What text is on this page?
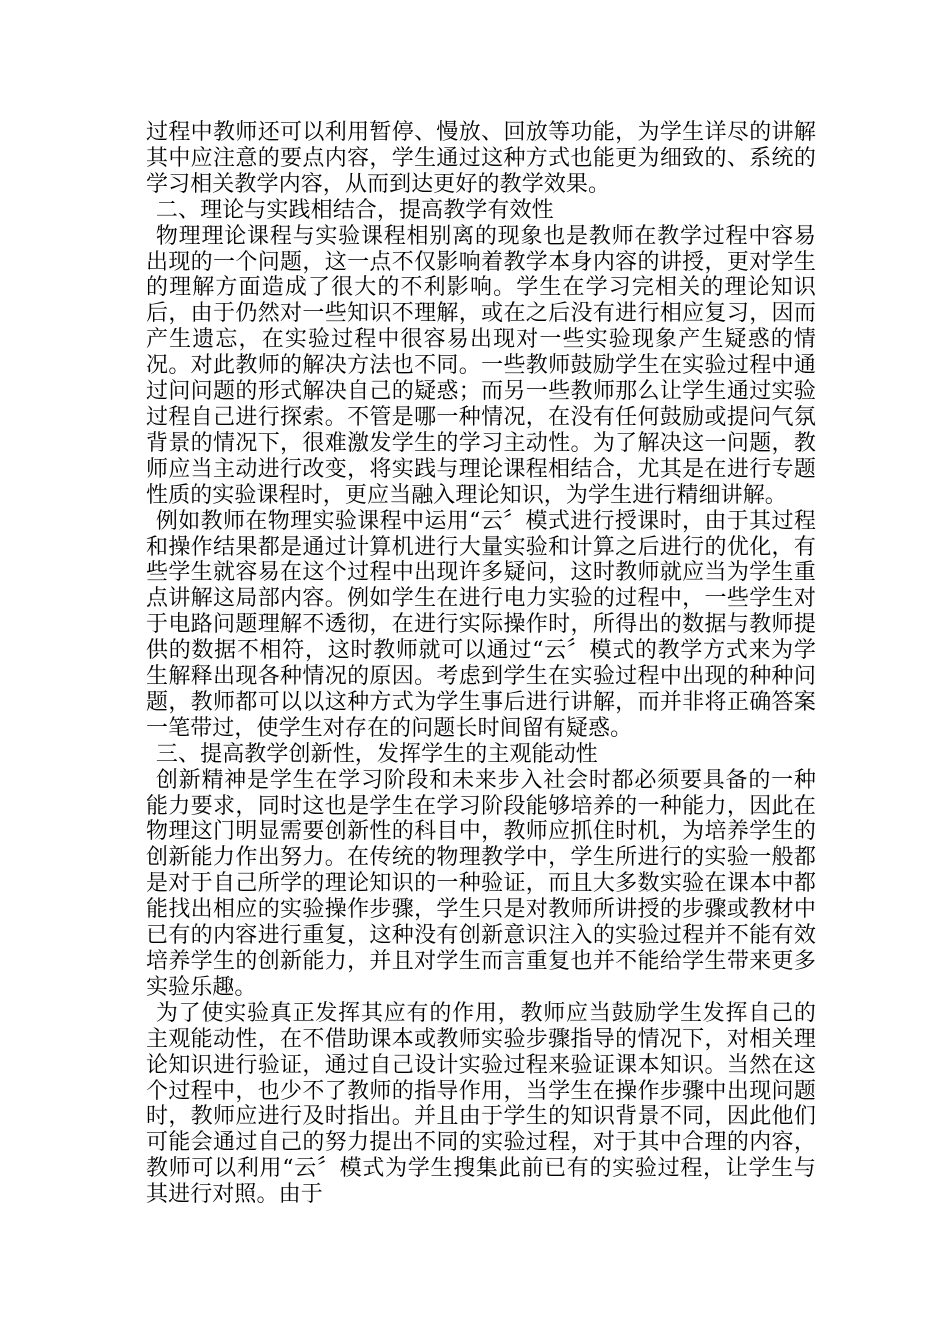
过程中教师还可以利用暂停、慢放、回放等功能，为学生详尽的讲解其中应注意的要点内容，学生通过这种方式也能更为细致的、系统的学习相关教学内容，从而到达更好的教学效果。

二、理论与实践相结合，提高教学有效性

物理理论课程与实验课程相别离的现象也是教师在教学过程中容易出现的一个问题，这一点不仅影响着教学本身内容的讲授，更对学生的理解方面造成了很大的不利影响。学生在学习完相关的理论知识后，由于仍然对一些知识不理解，或在之后没有进行相应复习，因而产生遗忘，在实验过程中很容易出现对一些实验现象产生疑惑的情况。对此教师的解决方法也不同。一些教师鼓励学生在实验过程中通过问问题的形式解决自己的疑惑；而另一些教师那么让学生通过实验过程自己进行探索。不管是哪一种情况，在没有任何鼓励或提问气氛背景的情况下，很难激发学生的学习主动性。为了解决这一问题，教师应当主动进行改变，将实践与理论课程相结合，尤其是在进行专题性质的实验课程时，更应当融入理论知识，为学生进行精细讲解。

例如教师在物理实验课程中运用“云〞模式进行授课时，由于其过程和操作结果都是通过计算机进行大量实验和计算之后进行的优化，有些学生就容易在这个过程中出现许多疑问，这时教师就应当为学生重点讲解这局部内容。例如学生在进行电力实验的过程中，一些学生对于电路问题理解不透彻，在进行实际操作时，所得出的数据与教师提供的数据不相符，这时教师就可以通过“云〞模式的教学方式来为学生解释出现各种情况的原因。考虑到学生在实验过程中出现的种种问题，教师都可以以这种方式为学生事后进行讲解，而并非将正确答案一笔带过，使学生对存在的问题长时间留有疑惑。

三、提高教学创新性，发挥学生的主观能动性

创新精神是学生在学习阶段和未来步入社会时都必须要具备的一种能力要求，同时这也是学生在学习阶段能够培养的一种能力，因此在物理这门明显需要创新性的科目中，教师应抓住时机，为培养学生的创新能力作出努力。在传统的物理教学中，学生所进行的实验一般都是对于自己所学的理论知识的一种验证，而且大多数实验在课本中都能找出相应的实验操作步骤，学生只是对教师所讲授的步骤或教材中已有的内容进行重复，这种没有创新意识注入的实验过程并不能有效培养学生的创新能力，并且对学生而言重复也并不能给学生带来更多实验乐趣。

为了使实验真正发挥其应有的作用，教师应当鼓励学生发挥自己的主观能动性，在不借助课本或教师实验步骤指导的情况下，对相关理论知识进行验证，通过自己设计实验过程来验证课本知识。当然在这个过程中，也少不了教师的指导作用，当学生在操作步骤中出现问题时，教师应进行及时指出。并且由于学生的知识背景不同，因此他们可能会通过自己的努力提出不同的实验过程，对于其中合理的内容，教师可以利用“云〞模式为学生搜集此前已有的实验过程，让学生与其进行对照。由于
